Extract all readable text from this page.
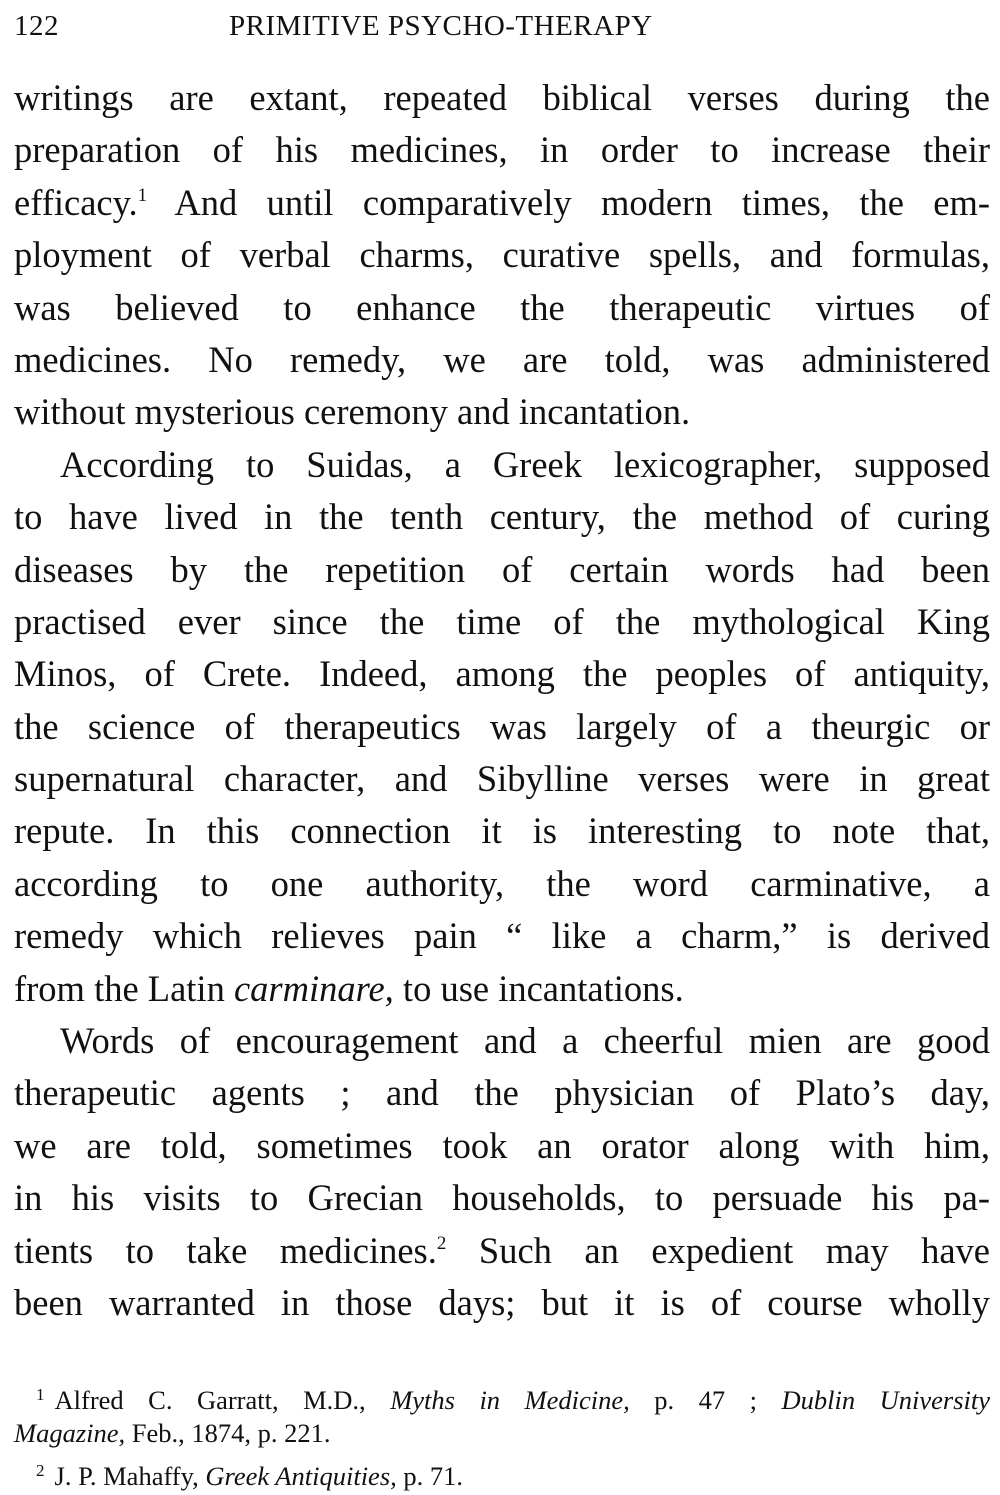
122	PRIMITIVE PSYCHO-THERAPY
writings are extant, repeated biblical verses during the
preparation of his medicines, in order to increase their
efficacy.$^1$ And until comparatively modern times, the em-
ployment of verbal charms, curative spells, and formulas,
was believed to enhance the therapeutic virtues of
medicines. No remedy, we are told, was administered
without mysterious ceremony and incantation.
According to Suidas, a Greek lexicographer, supposed
to have lived in the tenth century, the method of curing
diseases by the repetition of certain words had been
practised ever since the time of the mythological King
Minos, of Crete. Indeed, among the peoples of antiquity,
the science of therapeutics was largely of a theurgic or
supernatural character, and Sibylline verses were in great
repute. In this connection it is interesting to note that,
according to one authority, the word carminative, a
remedy which relieves pain “ like a charm,” is derived
from the Latin carminare, to use incantations.
Words of encouragement and a cheerful mien are good
therapeutic agents ; and the physician of Plato’s day,
we are told, sometimes took an orator along with him,
in his visits to Grecian households, to persuade his pa-
tients to take medicines.$^2$ Such an expedient may have
been warranted in those days; but it is of course wholly
$^1$ Alfred C. Garratt, M.D., Myths in Medicine, p. 47 ; Dublin University
Magazine, Feb., 1874, p. 221.
$^2$ J. P. Mahaffy, Greek Antiquities, p. 71.
